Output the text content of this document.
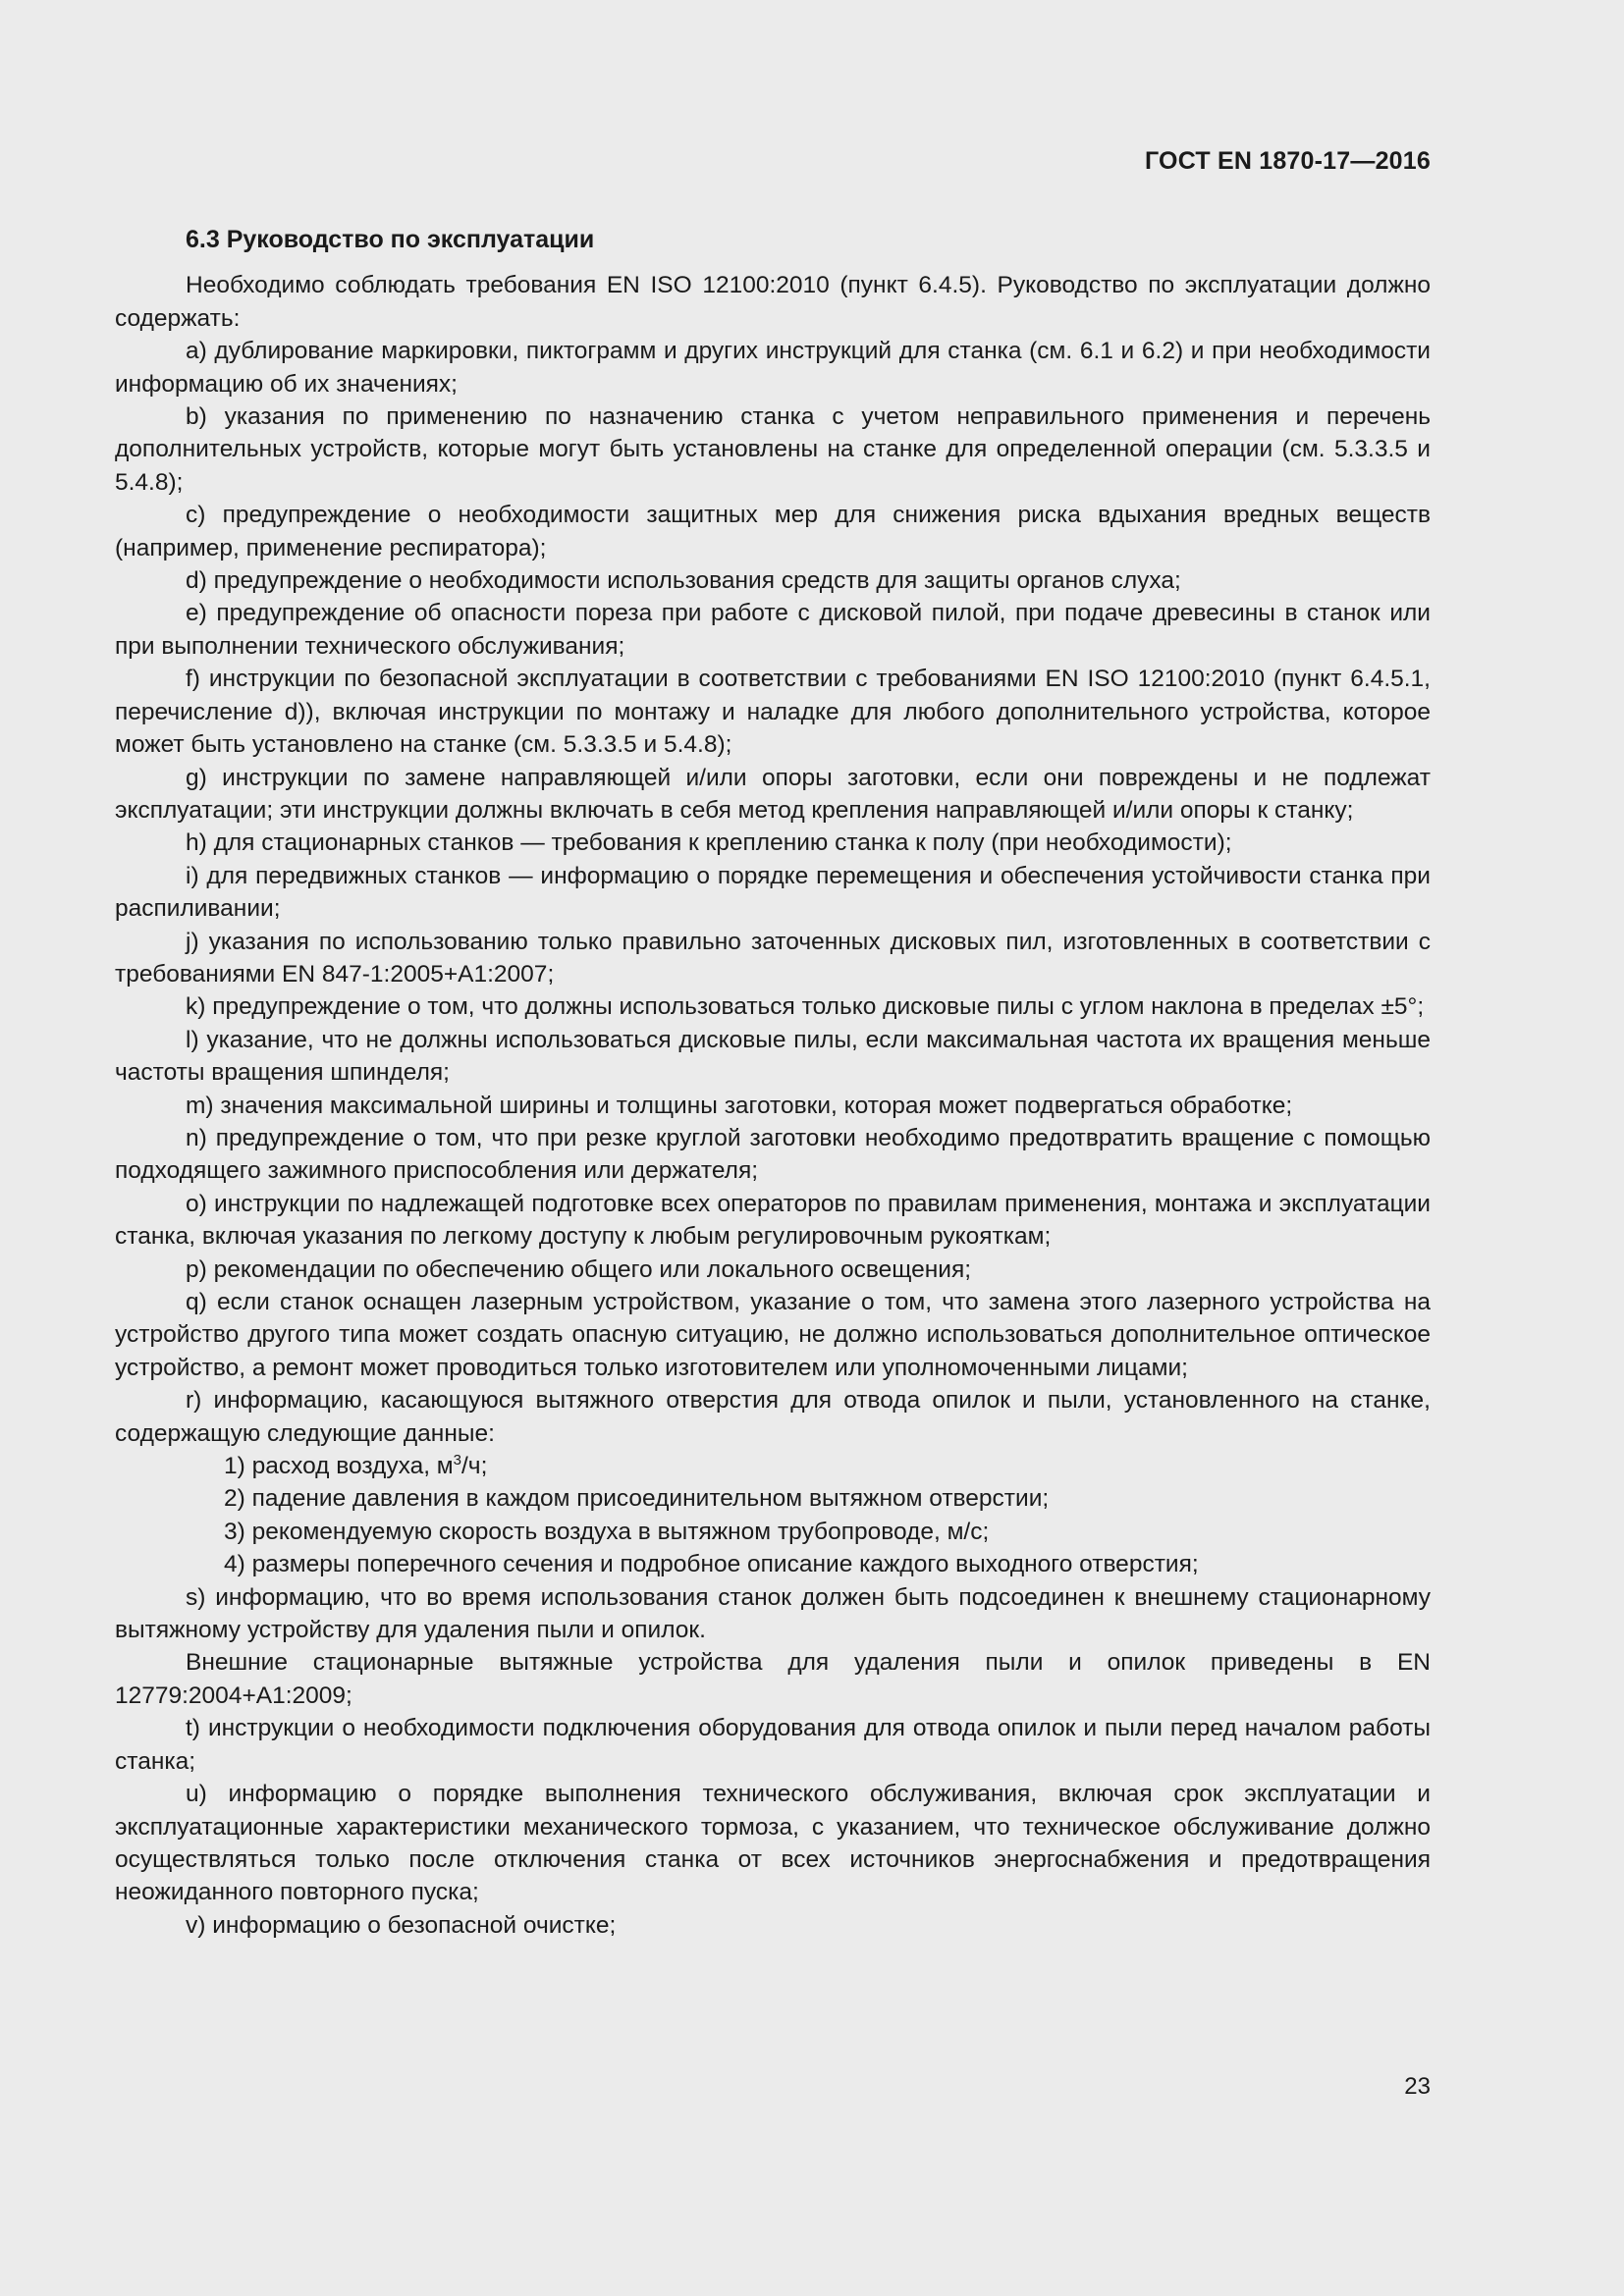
ГОСТ EN 1870-17—2016

6.3 Руководство по эксплуатации

Необходимо соблюдать требования EN ISO 12100:2010 (пункт 6.4.5). Руководство по эксплуатации должно содержать:

a) дублирование маркировки, пиктограмм и других инструкций для станка (см. 6.1 и 6.2) и при необходимости информацию об их значениях;

b) указания по применению по назначению станка с учетом неправильного применения и перечень дополнительных устройств, которые могут быть установлены на станке для определенной операции (см. 5.3.3.5 и 5.4.8);

c) предупреждение о необходимости защитных мер для снижения риска вдыхания вредных веществ (например, применение респиратора);

d) предупреждение о необходимости использования средств для защиты органов слуха;

e) предупреждение об опасности пореза при работе с дисковой пилой, при подаче древесины в станок или при выполнении технического обслуживания;

f) инструкции по безопасной эксплуатации в соответствии с требованиями EN ISO 12100:2010 (пункт 6.4.5.1, перечисление d)), включая инструкции по монтажу и наладке для любого дополнительного устройства, которое может быть установлено на станке (см. 5.3.3.5 и 5.4.8);

g) инструкции по замене направляющей и/или опоры заготовки, если они повреждены и не подлежат эксплуатации; эти инструкции должны включать в себя метод крепления направляющей и/или опоры к станку;

h) для стационарных станков — требования к креплению станка к полу (при необходимости);

i) для передвижных станков — информацию о порядке перемещения и обеспечения устойчивости станка при распиливании;

j) указания по использованию только правильно заточенных дисковых пил, изготовленных в соответствии с требованиями EN 847-1:2005+A1:2007;

k) предупреждение о том, что должны использоваться только дисковые пилы с углом наклона в пределах ±5°;

l) указание, что не должны использоваться дисковые пилы, если максимальная частота их вращения меньше частоты вращения шпинделя;

m) значения максимальной ширины и толщины заготовки, которая может подвергаться обработке;

n) предупреждение о том, что при резке круглой заготовки необходимо предотвратить вращение с помощью подходящего зажимного приспособления или держателя;

o) инструкции по надлежащей подготовке всех операторов по правилам применения, монтажа и эксплуатации станка, включая указания по легкому доступу к любым регулировочным рукояткам;

p) рекомендации по обеспечению общего или локального освещения;

q) если станок оснащен лазерным устройством, указание о том, что замена этого лазерного устройства на устройство другого типа может создать опасную ситуацию, не должно использоваться дополнительное оптическое устройство, а ремонт может проводиться только изготовителем или уполномоченными лицами;

r) информацию, касающуюся вытяжного отверстия для отвода опилок и пыли, установленного на станке, содержащую следующие данные:

1) расход воздуха, $м^3/ч$;

2) падение давления в каждом присоединительном вытяжном отверстии;

3) рекомендуемую скорость воздуха в вытяжном трубопроводе, м/с;

4) размеры поперечного сечения и подробное описание каждого выходного отверстия;

s) информацию, что во время использования станок должен быть подсоединен к внешнему стационарному вытяжному устройству для удаления пыли и опилок.

Внешние стационарные вытяжные устройства для удаления пыли и опилок приведены в EN 12779:2004+A1:2009;

t) инструкции о необходимости подключения оборудования для отвода опилок и пыли перед началом работы станка;

u) информацию о порядке выполнения технического обслуживания, включая срок эксплуатации и эксплуатационные характеристики механического тормоза, с указанием, что техническое обслуживание должно осуществляться только после отключения станка от всех источников энергоснабжения и предотвращения неожиданного повторного пуска;

v) информацию о безопасной очистке;

23
